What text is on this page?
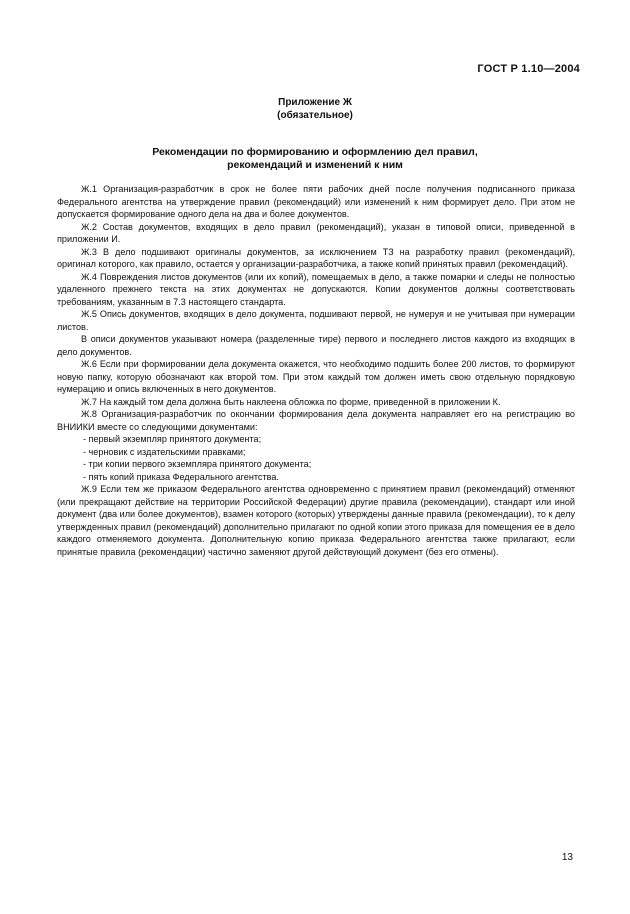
ГОСТ Р 1.10—2004
Приложение Ж
(обязательное)
Рекомендации по формированию и оформлению дел правил,
рекомендаций и изменений к ним

Ж.1 Организация-разработчик в срок не более пяти рабочих дней после получения подписанного приказа Федерального агентства на утверждение правил (рекомендаций) или изменений к ним формирует дело. При этом не допускается формирование одного дела на два и более документов.

Ж.2 Состав документов, входящих в дело правил (рекомендаций), указан в типовой описи, приведенной в приложении И.

Ж.3 В дело подшивают оригиналы документов, за исключением ТЗ на разработку правил (рекомендаций), оригинал которого, как правило, остается у организации-разработчика, а также копий принятых правил (рекомендаций).

Ж.4 Повреждения листов документов (или их копий), помещаемых в дело, а также помарки и следы не полностью удаленного прежнего текста на этих документах не допускаются. Копии документов должны соответствовать требованиям, указанным в 7.3 настоящего стандарта.

Ж.5 Опись документов, входящих в дело документа, подшивают первой, не нумеруя и не учитывая при нумерации листов.

В описи документов указывают номера (разделенные тире) первого и последнего листов каждого из входящих в дело документов.

Ж.6 Если при формировании дела документа окажется, что необходимо подшить более 200 листов, то формируют новую папку, которую обозначают как второй том. При этом каждый том должен иметь свою отдельную порядковую нумерацию и опись включенных в него документов.

Ж.7 На каждый том дела должна быть наклеена обложка по форме, приведенной в приложении К.

Ж.8 Организация-разработчик по окончании формирования дела документа направляет его на регистрацию во ВНИИКИ вместе со следующими документами:

- первый экземпляр принятого документа;

- черновик с издательскими правками;

- три копии первого экземпляра принятого документа;

- пять копий приказа Федерального агентства.

Ж.9 Если тем же приказом Федерального агентства одновременно с принятием правил (рекомендаций) отменяют (или прекращают действие на территории Российской Федерации) другие правила (рекомендации), стандарт или иной документ (два или более документов), взамен которого (которых) утверждены данные правила (рекомендации), то к делу утвержденных правил (рекомендаций) дополнительно прилагают по одной копии этого приказа для помещения ее в дело каждого отменяемого документа. Дополнительную копию приказа Федерального агентства также прилагают, если принятые правила (рекомендации) частично заменяют другой действующий документ (без его отмены).

13
